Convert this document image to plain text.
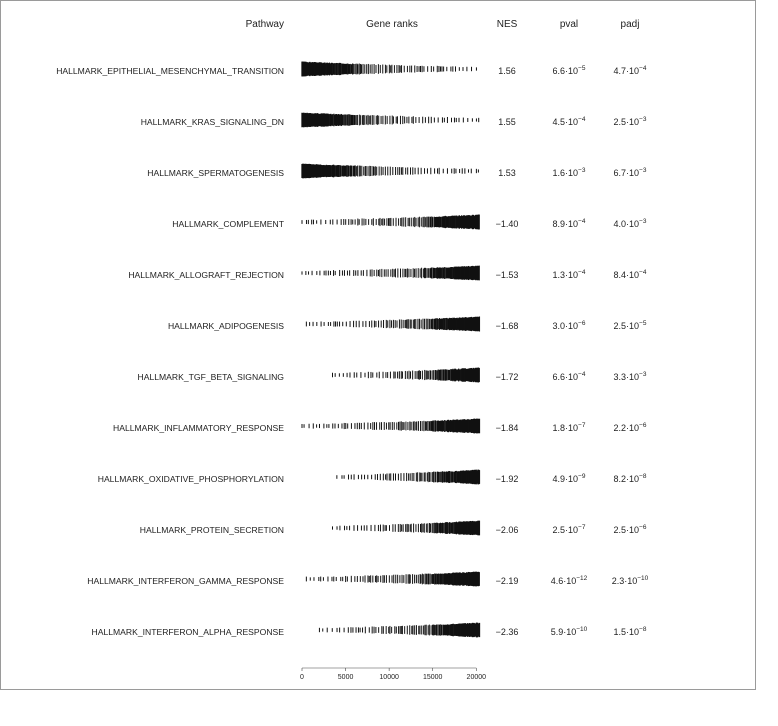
Pathway	Gene ranks	NES	pval	padj
HALLMARK_EPITHELIAL_MESENCHYMAL_TRANSITION	1.56	$6.6\cdot 10^{-5}$	$4.7\cdot 10^{-4}$
HALLMARK_KRAS_SIGNALING_DN	1.55	$4.5\cdot 10^{-4}$	$2.5\cdot 10^{-3}$
HALLMARK_SPERMATOGENESIS	1.53	$1.6\cdot 10^{-3}$	$6.7\cdot 10^{-3}$
HALLMARK_COMPLEMENT	−1.40	$8.9\cdot 10^{-4}$	$4.0\cdot 10^{-3}$
HALLMARK_ALLOGRAFT_REJECTION	−1.53	$1.3\cdot 10^{-4}$	$8.4\cdot 10^{-4}$
HALLMARK_ADIPOGENESIS	−1.68	$3.0\cdot 10^{-6}$	$2.5\cdot 10^{-5}$
HALLMARK_TGF_BETA_SIGNALING	−1.72	$6.6\cdot 10^{-4}$	$3.3\cdot 10^{-3}$
HALLMARK_INFLAMMATORY_RESPONSE	−1.84	$1.8\cdot 10^{-7}$	$2.2\cdot 10^{-6}$
HALLMARK_OXIDATIVE_PHOSPHORYLATION	−1.92	$4.9\cdot 10^{-9}$	$8.2\cdot 10^{-8}$
HALLMARK_PROTEIN_SECRETION	−2.06	$2.5\cdot 10^{-7}$	$2.5\cdot 10^{-6}$
HALLMARK_INTERFERON_GAMMA_RESPONSE	−2.19	$4.6\cdot 10^{-12}$	$2.3\cdot 10^{-10}$
HALLMARK_INTERFERON_ALPHA_RESPONSE	−2.36	$5.9\cdot 10^{-10}$	$1.5\cdot 10^{-8}$
0	5000	10000	15000	20000
